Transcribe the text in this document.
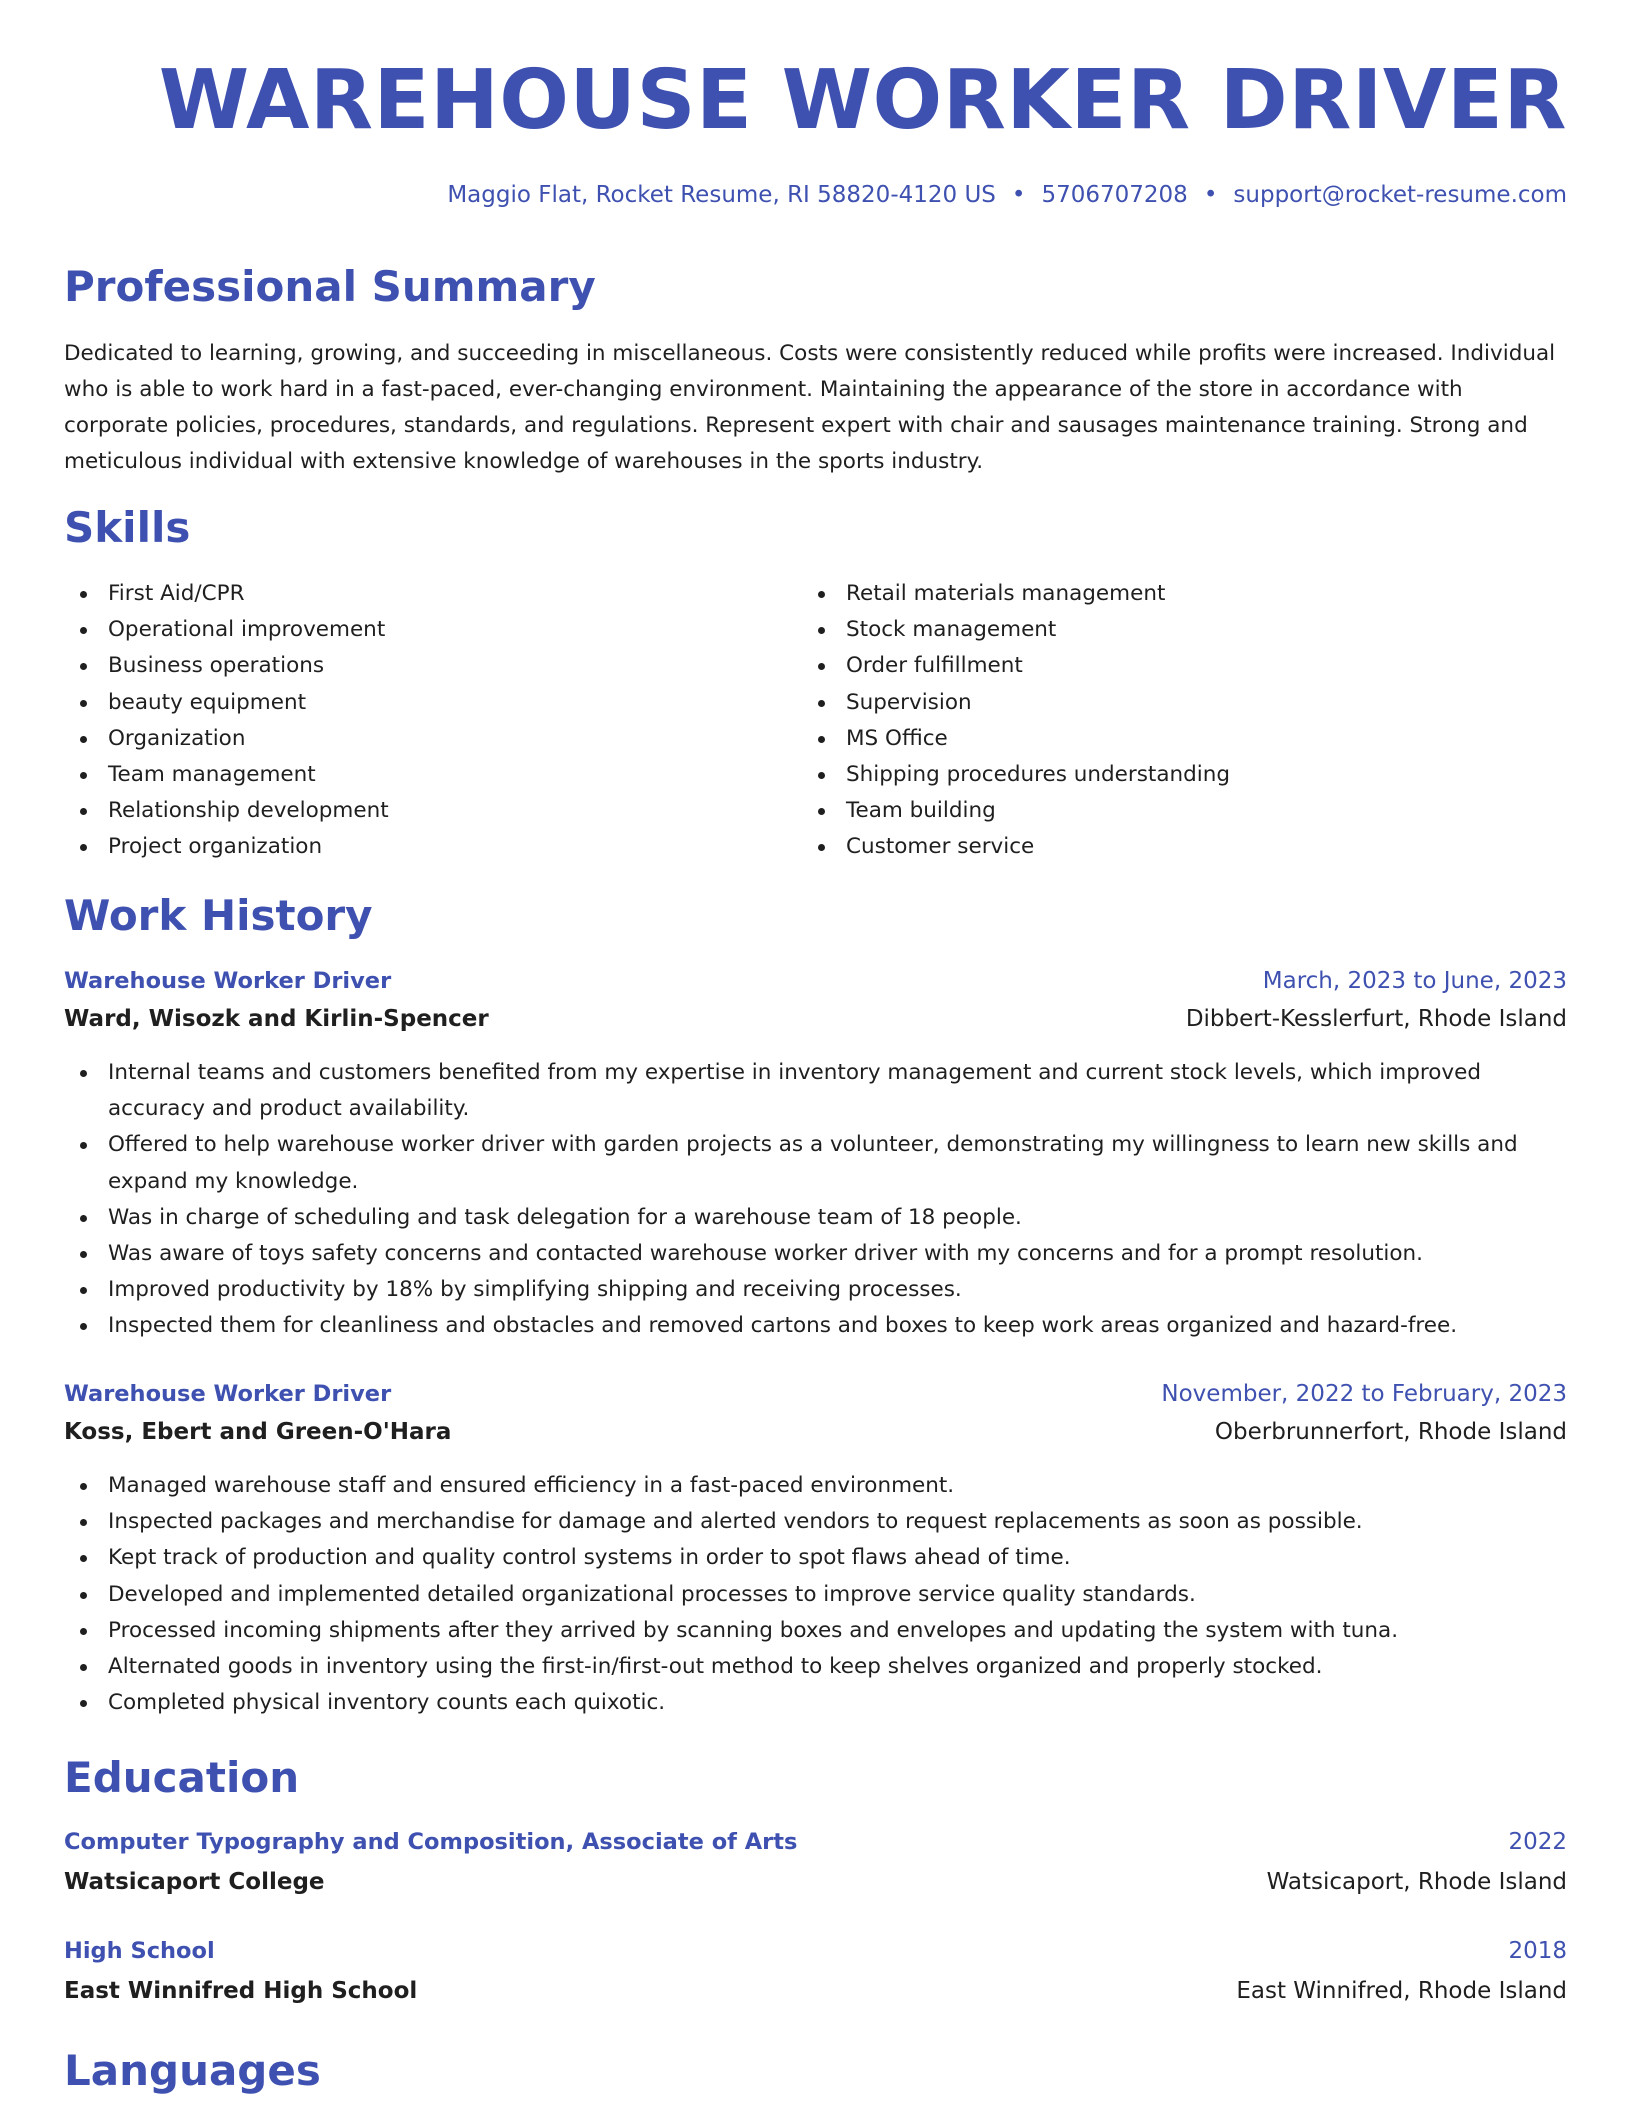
WAREHOUSE WORKER DRIVER
Maggio Flat, Rocket Resume, RI 58820-4120 US • 5706707208 • support@rocket-resume.com
Professional Summary
Dedicated to learning, growing, and succeeding in miscellaneous. Costs were consistently reduced while profits were increased. Individual who is able to work hard in a fast-paced, ever-changing environment. Maintaining the appearance of the store in accordance with corporate policies, procedures, standards, and regulations. Represent expert with chair and sausages maintenance training. Strong and meticulous individual with extensive knowledge of warehouses in the sports industry.
Skills
First Aid/CPR
Operational improvement
Business operations
beauty equipment
Organization
Team management
Relationship development
Project organization
Retail materials management
Stock management
Order fulfillment
Supervision
MS Office
Shipping procedures understanding
Team building
Customer service
Work History
Warehouse Worker Driver	March, 2023 to June, 2023
Ward, Wisozk and Kirlin-Spencer	Dibbert-Kesslerfurt, Rhode Island
Internal teams and customers benefited from my expertise in inventory management and current stock levels, which improved accuracy and product availability.
Offered to help warehouse worker driver with garden projects as a volunteer, demonstrating my willingness to learn new skills and expand my knowledge.
Was in charge of scheduling and task delegation for a warehouse team of 18 people.
Was aware of toys safety concerns and contacted warehouse worker driver with my concerns and for a prompt resolution.
Improved productivity by 18% by simplifying shipping and receiving processes.
Inspected them for cleanliness and obstacles and removed cartons and boxes to keep work areas organized and hazard-free.
Warehouse Worker Driver	November, 2022 to February, 2023
Koss, Ebert and Green-O'Hara	Oberbrunnerfort, Rhode Island
Managed warehouse staff and ensured efficiency in a fast-paced environment.
Inspected packages and merchandise for damage and alerted vendors to request replacements as soon as possible.
Kept track of production and quality control systems in order to spot flaws ahead of time.
Developed and implemented detailed organizational processes to improve service quality standards.
Processed incoming shipments after they arrived by scanning boxes and envelopes and updating the system with tuna.
Alternated goods in inventory using the first-in/first-out method to keep shelves organized and properly stocked.
Completed physical inventory counts each quixotic.
Education
Computer Typography and Composition, Associate of Arts	2022
Watsicaport College	Watsicaport, Rhode Island
High School	2018
East Winnifred High School	East Winnifred, Rhode Island
Languages
